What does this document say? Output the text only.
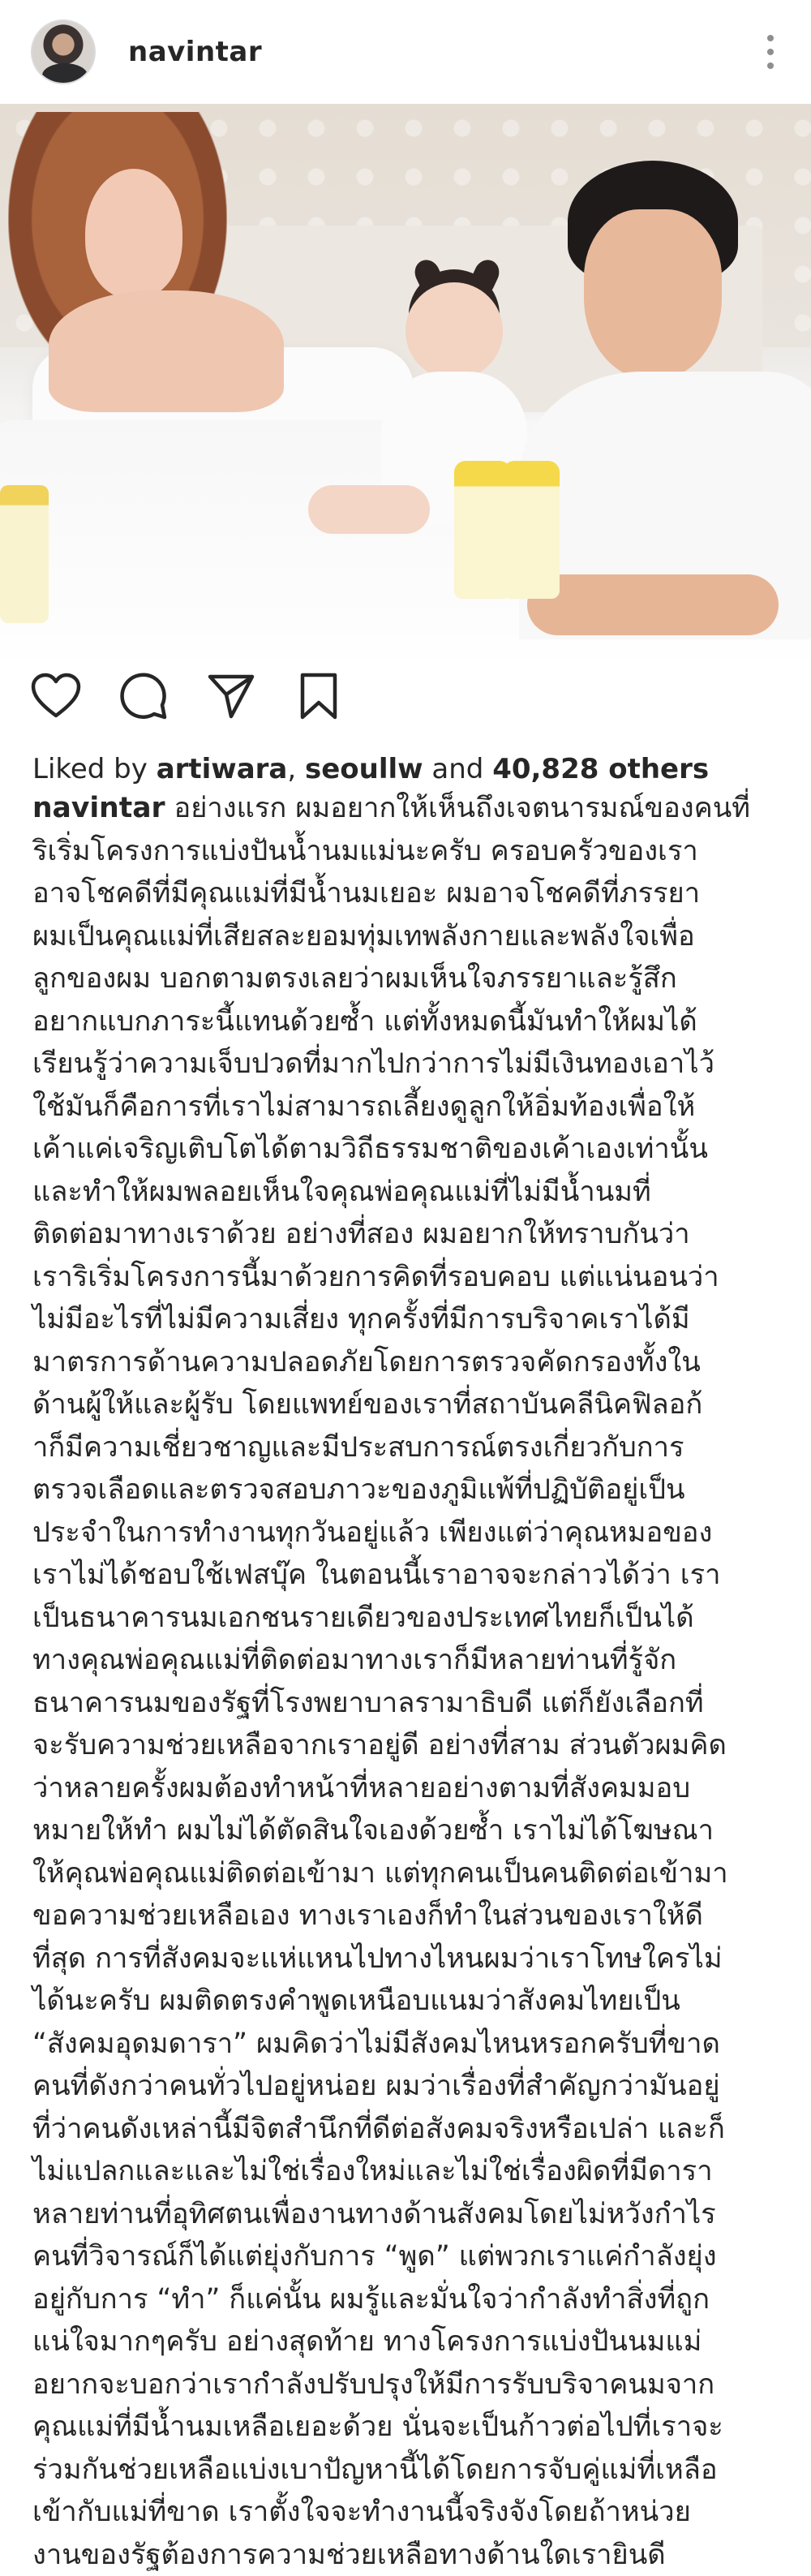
navintar
Liked by artiwara, seoullw and 40,828 others
navintar อย่างแรก ผมอยากให้เห็นถึงเจตนารมณ์ของคนที่
ริเริ่มโครงการแบ่งปันน้ำนมแม่นะครับ ครอบครัวของเรา
อาจโชคดีที่มีคุณแม่ที่มีน้ำนมเยอะ ผมอาจโชคดีที่ภรรยา
ผมเป็นคุณแม่ที่เสียสละยอมทุ่มเทพลังกายและพลังใจเพื่อ
ลูกของผม บอกตามตรงเลยว่าผมเห็นใจภรรยาและรู้สึก
อยากแบกภาระนี้แทนด้วยซ้ำ แต่ทั้งหมดนี้มันทำให้ผมได้
เรียนรู้ว่าความเจ็บปวดที่มากไปกว่าการไม่มีเงินทองเอาไว้
ใช้มันก็คือการที่เราไม่สามารถเลี้ยงดูลูกให้อิ่มท้องเพื่อให้
เค้าแค่เจริญเติบโตได้ตามวิถีธรรมชาติของเค้าเองเท่านั้น
และทำให้ผมพลอยเห็นใจคุณพ่อคุณแม่ที่ไม่มีน้ำนมที่
ติดต่อมาทางเราด้วย อย่างที่สอง ผมอยากให้ทราบกันว่า
เราริเริ่มโครงการนี้มาด้วยการคิดที่รอบคอบ แต่แน่นอนว่า
ไม่มีอะไรที่ไม่มีความเสี่ยง ทุกครั้งที่มีการบริจาคเราได้มี
มาตรการด้านความปลอดภัยโดยการตรวจคัดกรองทั้งใน
ด้านผู้ให้และผู้รับ โดยแพทย์ของเราที่สถาบันคลีนิคฟิลอก้
าก็มีความเชี่ยวชาญและมีประสบการณ์ตรงเกี่ยวกับการ
ตรวจเลือดและตรวจสอบภาวะของภูมิแพ้ที่ปฏิบัติอยู่เป็น
ประจำในการทำงานทุกวันอยู่แล้ว เพียงแต่ว่าคุณหมอของ
เราไม่ได้ชอบใช้เฟสบุ๊ค ในตอนนี้เราอาจจะกล่าวได้ว่า เรา
เป็นธนาคารนมเอกชนรายเดียวของประเทศไทยก็เป็นได้
ทางคุณพ่อคุณแม่ที่ติดต่อมาทางเราก็มีหลายท่านที่รู้จัก
ธนาคารนมของรัฐที่โรงพยาบาลรามาธิบดี แต่ก็ยังเลือกที่
จะรับความช่วยเหลือจากเราอยู่ดี อย่างที่สาม ส่วนตัวผมคิด
ว่าหลายครั้งผมต้องทำหน้าที่หลายอย่างตามที่สังคมมอบ
หมายให้ทำ ผมไม่ได้ตัดสินใจเองด้วยซ้ำ เราไม่ได้โฆษณา
ให้คุณพ่อคุณแม่ติดต่อเข้ามา แต่ทุกคนเป็นคนติดต่อเข้ามา
ขอความช่วยเหลือเอง ทางเราเองก็ทำในส่วนของเราให้ดี
ที่สุด การที่สังคมจะแห่แหนไปทางไหนผมว่าเราโทษใครไม่
ได้นะครับ ผมติดตรงคำพูดเหนือบแนมว่าสังคมไทยเป็น
“สังคมอุดมดารา” ผมคิดว่าไม่มีสังคมไหนหรอกครับที่ขาด
คนที่ดังกว่าคนทั่วไปอยู่หน่อย ผมว่าเรื่องที่สำคัญกว่ามันอยู่
ที่ว่าคนดังเหล่านี้มีจิตสำนึกที่ดีต่อสังคมจริงหรือเปล่า และก็
ไม่แปลกและและไม่ใช่เรื่องใหม่และไม่ใช่เรื่องผิดที่มีดารา
หลายท่านที่อุทิศตนเพื่องานทางด้านสังคมโดยไม่หวังกำไร
คนที่วิจารณ์ก็ได้แต่ยุ่งกับการ “พูด” แต่พวกเราแค่กำลังยุ่ง
อยู่กับการ “ทำ” ก็แค่นั้น ผมรู้และมั่นใจว่ากำลังทำสิ่งที่ถูก
แน่ใจมากๆครับ อย่างสุดท้าย ทางโครงการแบ่งปันนมแม่
อยากจะบอกว่าเรากำลังปรับปรุงให้มีการรับบริจาคนมจาก
คุณแม่ที่มีน้ำนมเหลือเยอะด้วย นั่นจะเป็นก้าวต่อไปที่เราจะ
ร่วมกันช่วยเหลือแบ่งเบาปัญหานี้ได้โดยการจับคู่แม่ที่เหลือ
เข้ากับแม่ที่ขาด เราตั้งใจจะทำงานนี้จริงจังโดยถ้าหน่วย
งานของรัฐต้องการความช่วยเหลือทางด้านใดเรายินดี
